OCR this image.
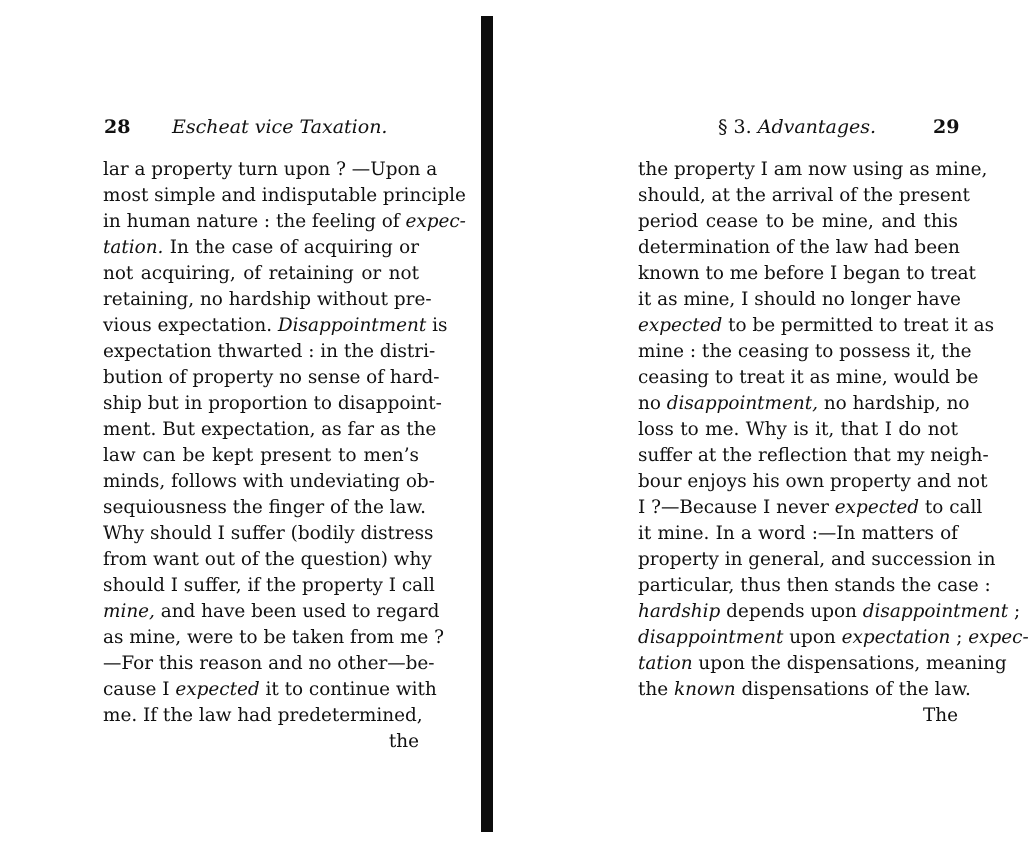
28 Escheat vice Taxation.
lar a property turn upon ? —Upon a
most simple and indisputable principle
in human nature : the feeling of expec-
tation. In the case of acquiring or
not acquiring, of retaining or not
retaining, no hardship without pre-
vious expectation. Disappointment is
expectation thwarted : in the distri-
bution of property no sense of hard-
ship but in proportion to disappoint-
ment. But expectation, as far as the
law can be kept present to men’s
minds, follows with undeviating ob-
sequiousness the finger of the law.
Why should I suffer (bodily distress
from want out of the question) why
should I suffer, if the property I call
mine, and have been used to regard
as mine, were to be taken from me ?
—For this reason and no other—be-
cause I expected it to continue with
me. If the law had predetermined,
the
§ 3. Advantages.	29
the property I am now using as mine,
should, at the arrival of the present
period cease to be mine, and this
determination of the law had been
known to me before I began to treat
it as mine, I should no longer have
expected to be permitted to treat it as
mine : the ceasing to possess it, the
ceasing to treat it as mine, would be
no disappointment, no hardship, no
loss to me. Why is it, that I do not
suffer at the reflection that my neigh-
bour enjoys his own property and not
I ?—Because I never expected to call
it mine. In a word :—In matters of
property in general, and succession in
particular, thus then stands the case :
hardship depends upon disappointment ;
disappointment upon expectation ; expec-
tation upon the dispensations, meaning
the known dispensations of the law.
The
